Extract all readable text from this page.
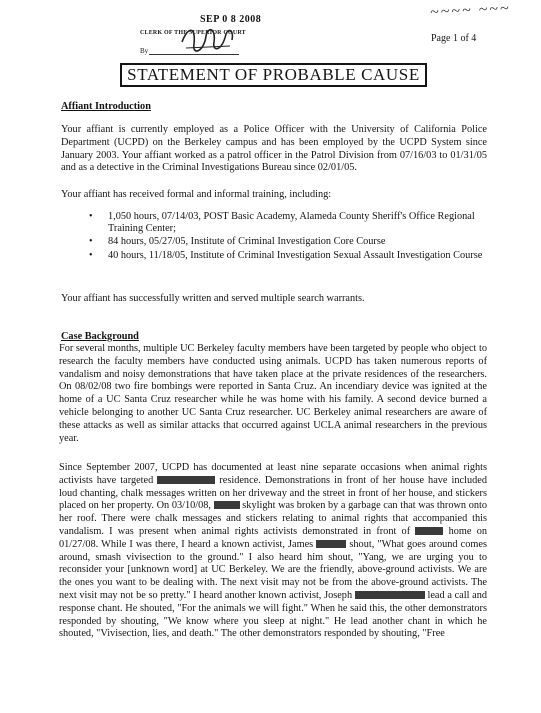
SEP 0 8 2008	~~~~ ~~~
CLERK OF THE SUPERIOR COURT
By
Page 1 of 4
STATEMENT OF PROBABLE CAUSE
Affiant Introduction
Your affiant is currently employed as a Police Officer with the University of California Police Department (UCPD) on the Berkeley campus and has been employed by the UCPD System since January 2003. Your affiant worked as a patrol officer in the Patrol Division from 07/16/03 to 01/31/05 and as a detective in the Criminal Investigations Bureau since 02/01/05.
Your affiant has received formal and informal training, including:
• 1,050 hours, 07/14/03, POST Basic Academy, Alameda County Sheriff's Office Regional Training Center;
• 84 hours, 05/27/05, Institute of Criminal Investigation Core Course
• 40 hours, 11/18/05, Institute of Criminal Investigation Sexual Assault Investigation Course
Your affiant has successfully written and served multiple search warrants.
Case Background
For several months, multiple UC Berkeley faculty members have been targeted by people who object to research the faculty members have conducted using animals. UCPD has taken numerous reports of vandalism and noisy demonstrations that have taken place at the private residences of the researchers. On 08/02/08 two fire bombings were reported in Santa Cruz. An incendiary device was ignited at the home of a UC Santa Cruz researcher while he was home with his family. A second device burned a vehicle belonging to another UC Santa Cruz researcher. UC Berkeley animal researchers are aware of these attacks as well as similar attacks that occurred against UCLA animal researchers in the previous year.
Since September 2007, UCPD has documented at least nine separate occasions when animal rights activists have targeted	residence. Demonstrations in front of her house have included loud chanting, chalk messages written on her driveway and the street in front of her house, and stickers placed on her property. On 03/10/08,	skylight was broken by a garbage can that was thrown onto her roof. There were chalk messages and stickers relating to animal rights that accompanied this vandalism. I was present when animal rights activists demonstrated in front of	home on 01/27/08. While I was there, I heard a known activist, James	shout, "What goes around comes around, smash vivisection to the ground." I also heard him shout, "Yang, we are urging you to reconsider your [unknown word] at UC Berkeley. We are the friendly, above-ground activists. We are the ones you want to be dealing with. The next visit may not be from the above-ground activists. The next visit may not be so pretty." I heard another known activist, Joseph	lead a call and response chant. He shouted, "For the animals we will fight." When he said this, the other demonstrators responded by shouting, "We know where you sleep at night." He lead another chant in which he shouted, "Vivisection, lies, and death." The other demonstrators responded by shouting, "Free
